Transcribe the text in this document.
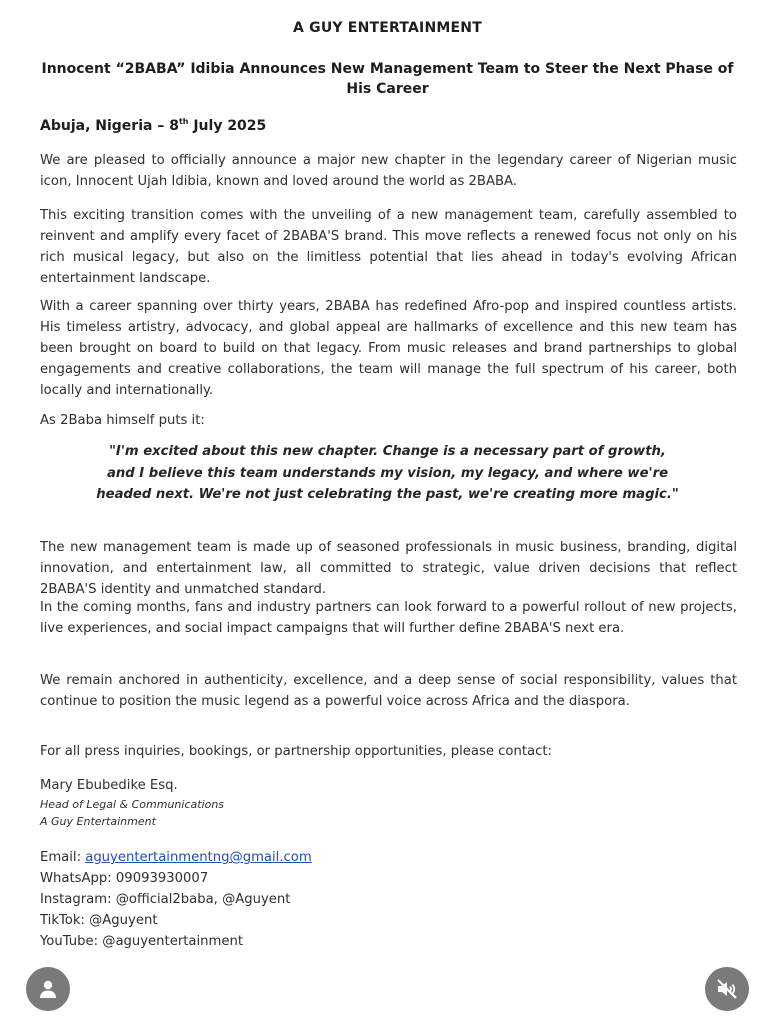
A GUY ENTERTAINMENT
Innocent “2BABA” Idibia Announces New Management Team to Steer the Next Phase of His Career
Abuja, Nigeria – 8th July 2025

We are pleased to officially announce a major new chapter in the legendary career of Nigerian music icon, Innocent Ujah Idibia, known and loved around the world as 2BABA.

This exciting transition comes with the unveiling of a new management team, carefully assembled to reinvent and amplify every facet of 2BABA'S brand. This move reflects a renewed focus not only on his rich musical legacy, but also on the limitless potential that lies ahead in today's evolving African entertainment landscape.

With a career spanning over thirty years, 2BABA has redefined Afro-pop and inspired countless artists. His timeless artistry, advocacy, and global appeal are hallmarks of excellence and this new team has been brought on board to build on that legacy. From music releases and brand partnerships to global engagements and creative collaborations, the team will manage the full spectrum of his career, both locally and internationally.

As 2Baba himself puts it:

"I'm excited about this new chapter. Change is a necessary part of growth, and I believe this team understands my vision, my legacy, and where we're headed next. We're not just celebrating the past, we're creating more magic."

The new management team is made up of seasoned professionals in music business, branding, digital innovation, and entertainment law, all committed to strategic, value driven decisions that reflect 2BABA'S identity and unmatched standard.

In the coming months, fans and industry partners can look forward to a powerful rollout of new projects, live experiences, and social impact campaigns that will further define 2BABA'S next era.

We remain anchored in authenticity, excellence, and a deep sense of social responsibility, values that continue to position the music legend as a powerful voice across Africa and the diaspora.

For all press inquiries, bookings, or partnership opportunities, please contact:

Mary Ebubedike Esq.
Head of Legal & Communications
A Guy Entertainment
Email: aguyentertainmentng@gmail.com
WhatsApp: 09093930007
Instagram: @official2baba, @Aguyent
TikTok: @Aguyent
YouTube: @aguyentertainment
